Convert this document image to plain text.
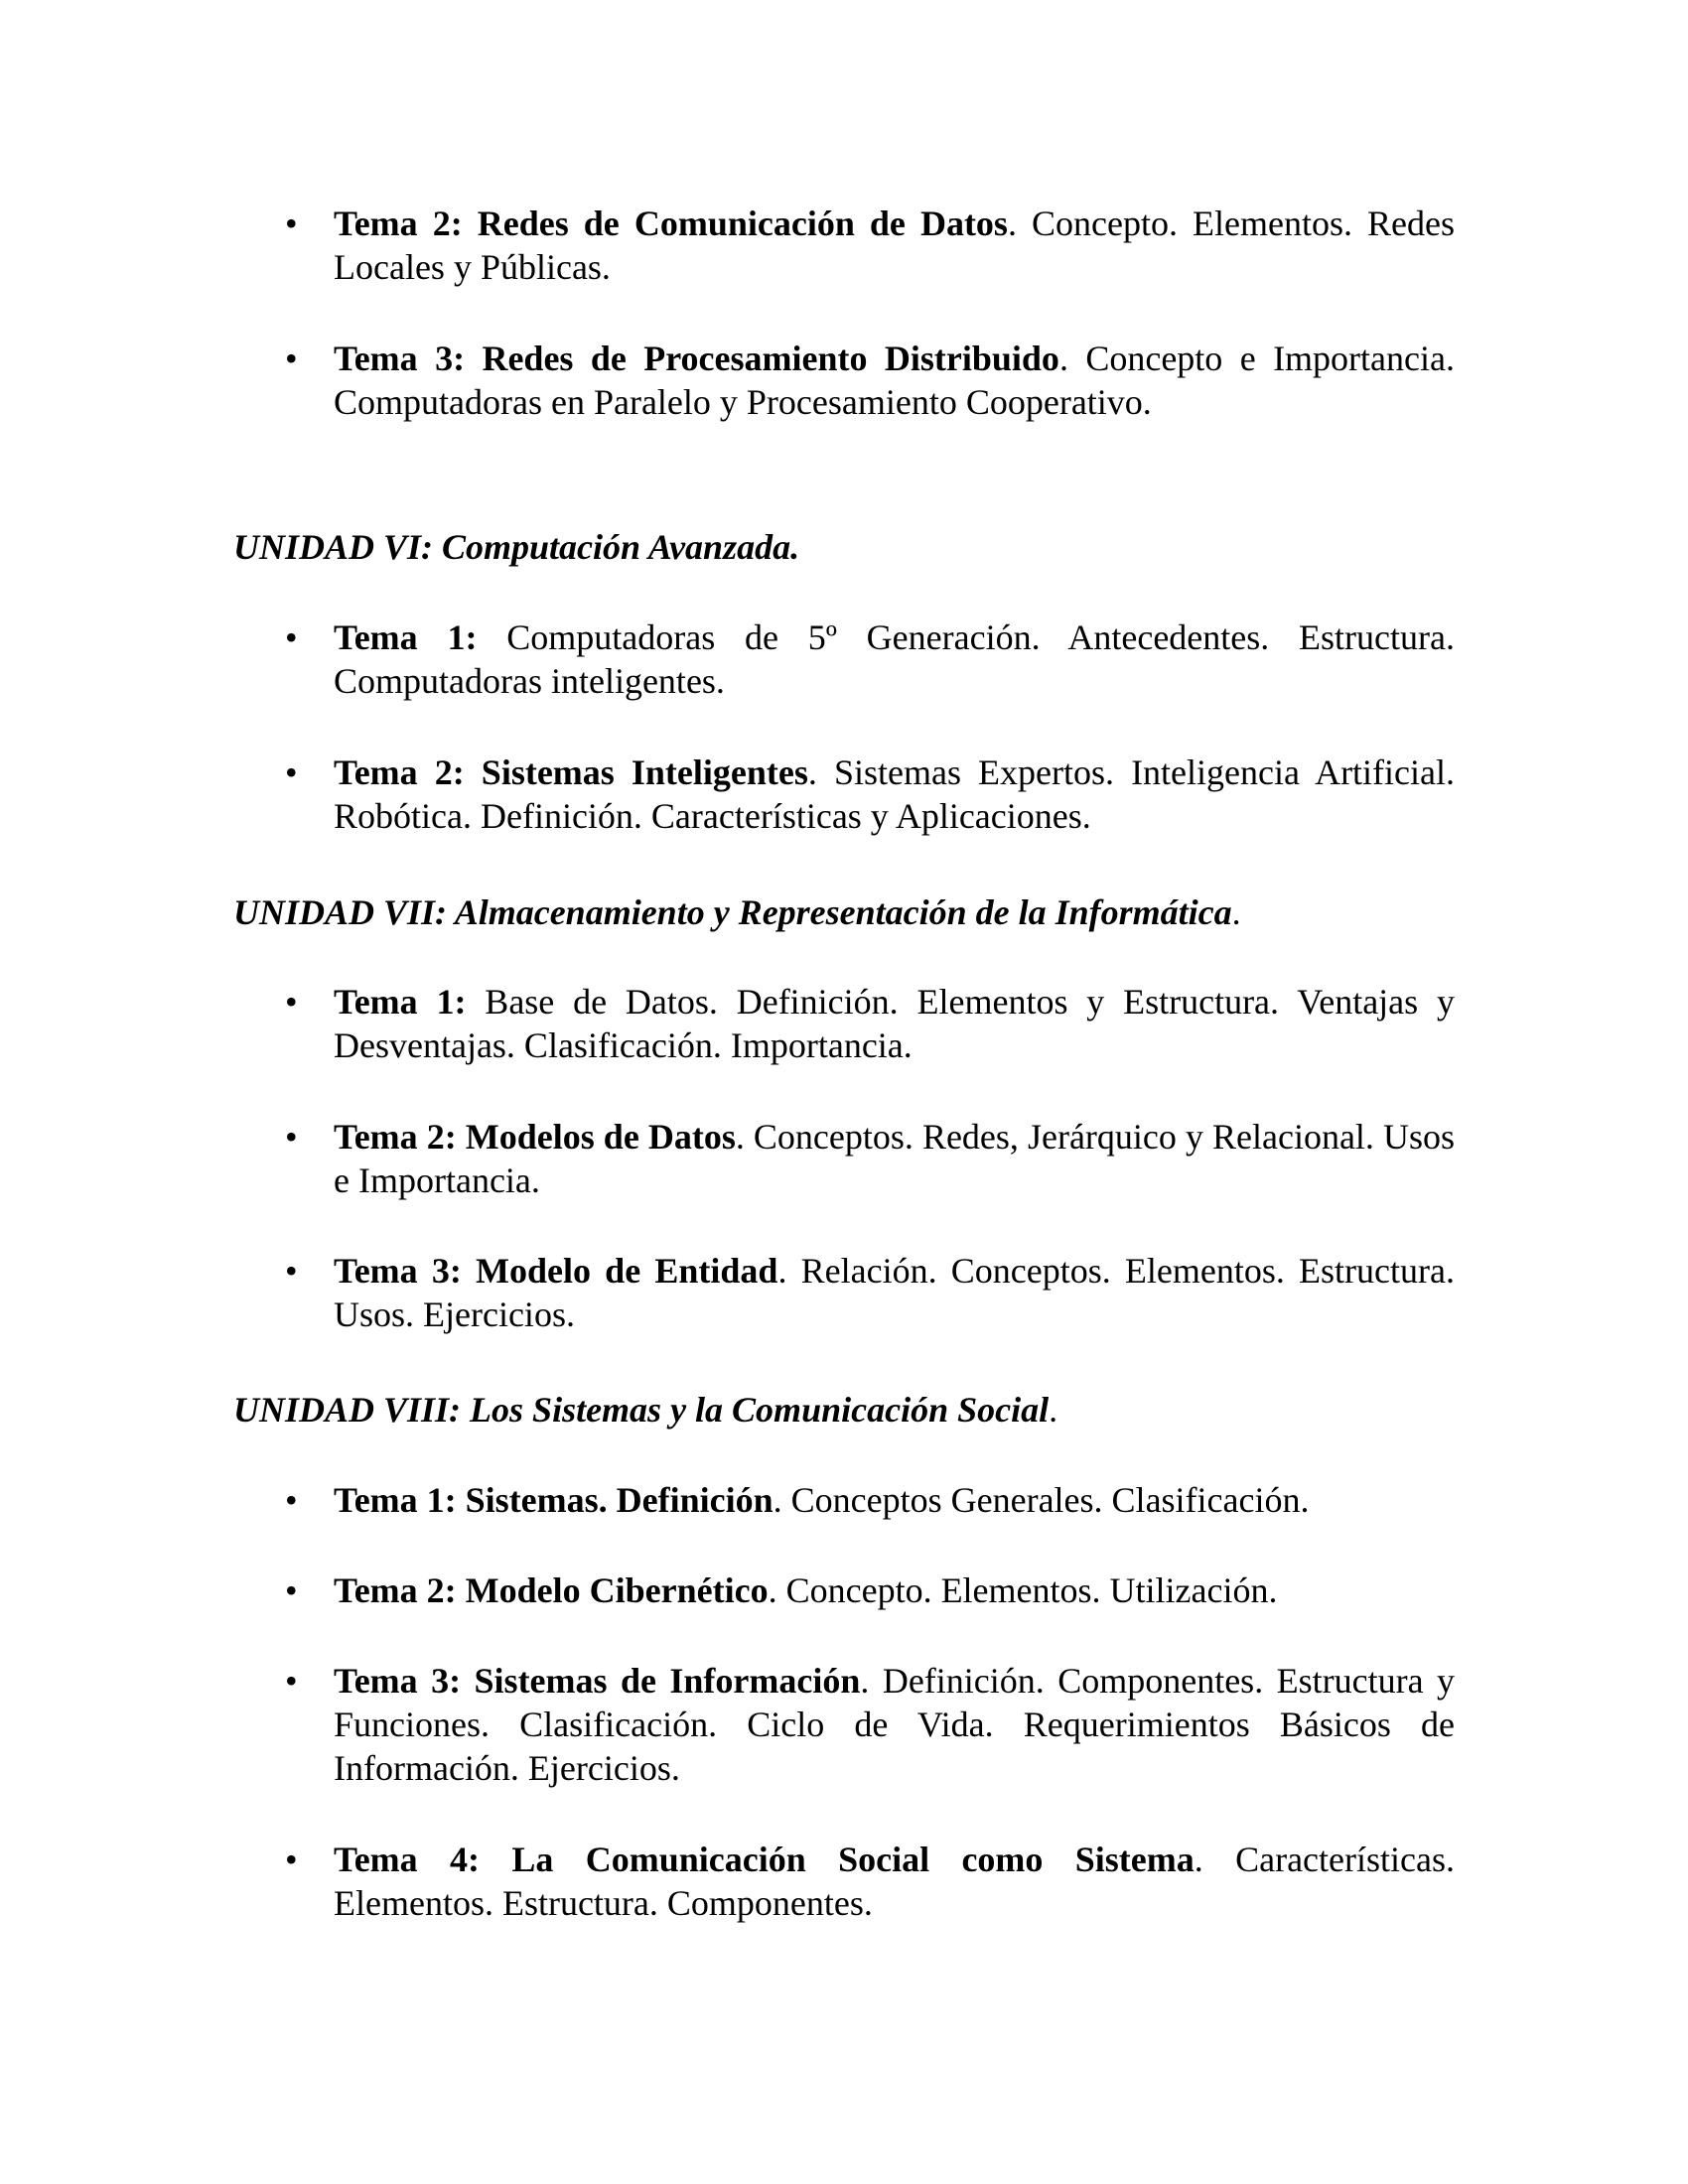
•	Tema 2: Redes de Comunicación de Datos. Concepto. Elementos. Redes Locales y Públicas.
•	Tema 3: Redes de Procesamiento Distribuido. Concepto e Importancia. Computadoras en Paralelo y Procesamiento Cooperativo.
UNIDAD VI: Computación Avanzada.
•	Tema 1: Computadoras de 5º Generación. Antecedentes. Estructura. Computadoras inteligentes.
•	Tema 2: Sistemas Inteligentes. Sistemas Expertos. Inteligencia Artificial. Robótica. Definición. Características y Aplicaciones.
UNIDAD VII: Almacenamiento y Representación de la Informática.
•	Tema 1: Base de Datos. Definición. Elementos y Estructura. Ventajas y Desventajas. Clasificación. Importancia.
•	Tema 2: Modelos de Datos. Conceptos. Redes, Jerárquico y Relacional. Usos e Importancia.
•	Tema 3: Modelo de Entidad. Relación. Conceptos. Elementos. Estructura. Usos. Ejercicios.
UNIDAD VIII: Los Sistemas y la Comunicación Social.
•	Tema 1: Sistemas. Definición. Conceptos Generales. Clasificación.
•	Tema 2: Modelo Cibernético. Concepto. Elementos. Utilización.
•	Tema 3: Sistemas de Información. Definición. Componentes. Estructura y Funciones. Clasificación. Ciclo de Vida. Requerimientos Básicos de Información. Ejercicios.
•	Tema 4: La Comunicación Social como Sistema. Características. Elementos. Estructura. Componentes.
